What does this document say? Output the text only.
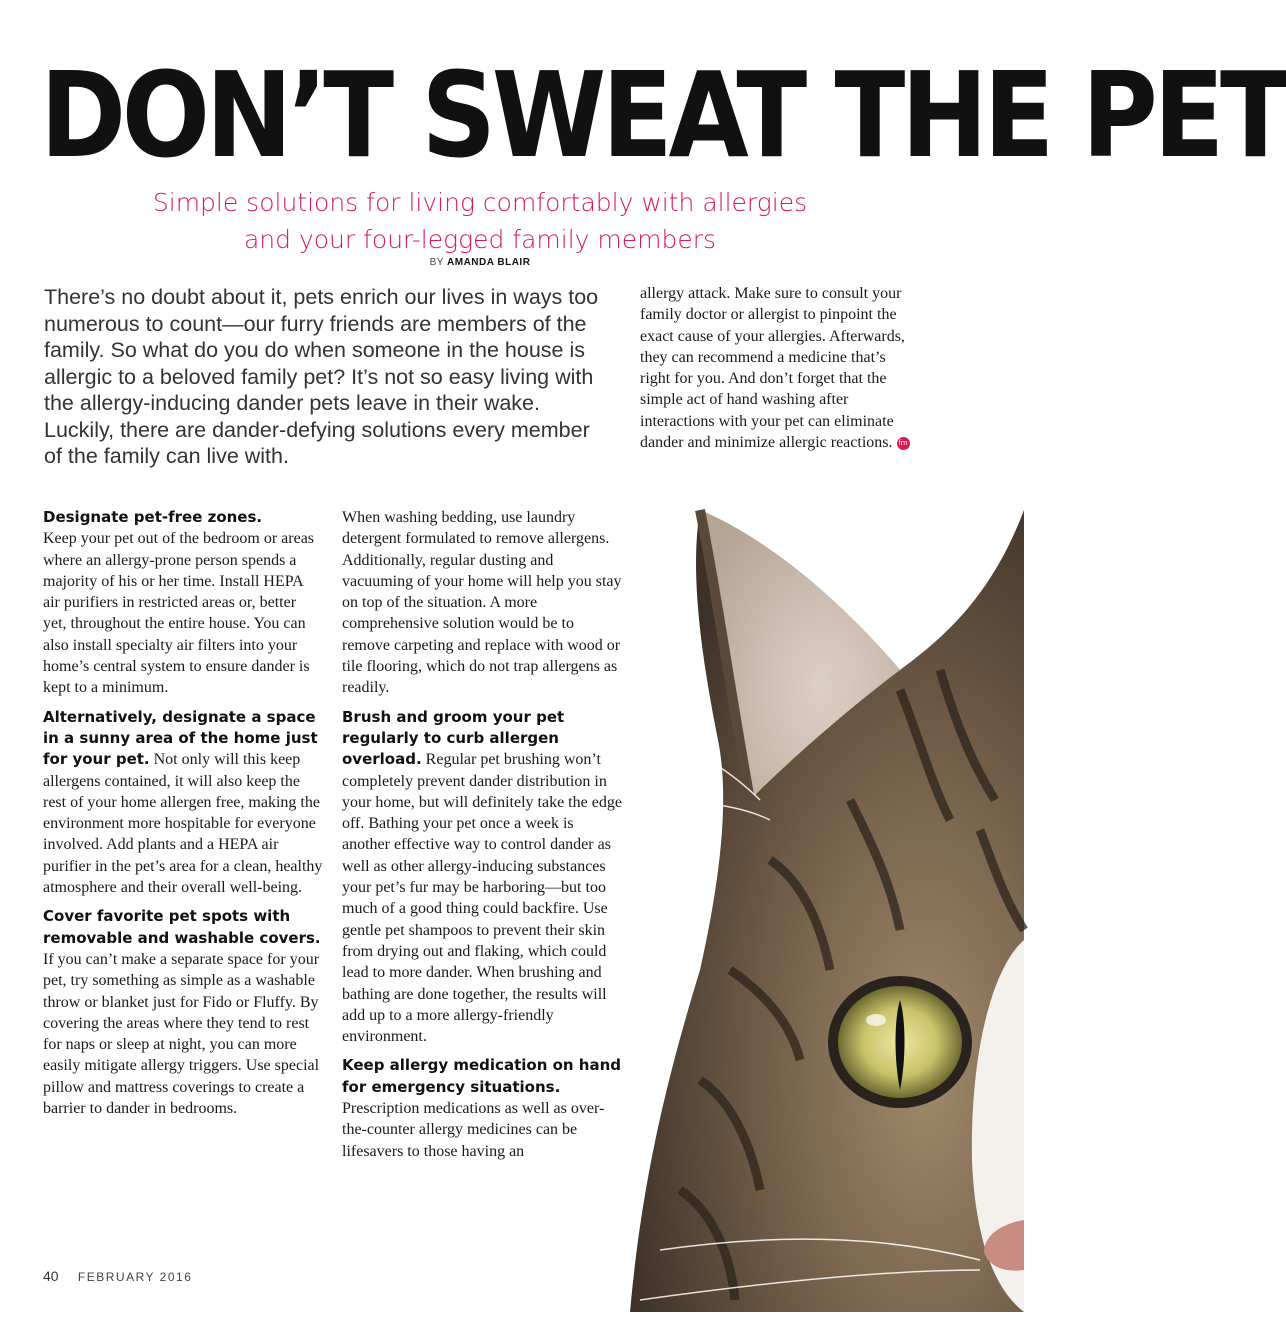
DON’T SWEAT THE PET
Simple solutions for living comfortably with allergies
and your four-legged family members
BY AMANDA BLAIR
There’s no doubt about it, pets enrich our lives in ways too numerous to count—our furry friends are members of the family. So what do you do when someone in the house is allergic to a beloved family pet? It’s not so easy living with the allergy-inducing dander pets leave in their wake. Luckily, there are dander-defying solutions every member of the family can live with.

Designate pet-free zones.
Keep your pet out of the bedroom or areas where an allergy-prone person spends a majority of his or her time. Install HEPA air purifiers in restricted areas or, better yet, throughout the entire house. You can also install specialty air filters into your home’s central system to ensure dander is kept to a minimum.

Alternatively, designate a space in a sunny area of the home just for your pet. Not only will this keep allergens contained, it will also keep the rest of your home allergen free, making the environment more hospitable for everyone involved. Add plants and a HEPA air purifier in the pet’s area for a clean, healthy atmosphere and their overall well-being.

Cover favorite pet spots with removable and washable covers. If you can’t make a separate space for your pet, try something as simple as a washable throw or blanket just for Fido or Fluffy. By covering the areas where they tend to rest for naps or sleep at night, you can more easily mitigate allergy triggers. Use special pillow and mattress coverings to create a barrier to dander in bedrooms.

When washing bedding, use laundry detergent formulated to remove allergens. Additionally, regular dusting and vacuuming of your home will help you stay on top of the situation. A more comprehensive solution would be to remove carpeting and replace with wood or tile flooring, which do not trap allergens as readily.

Brush and groom your pet regularly to curb allergen overload. Regular pet brushing won’t completely prevent dander distribution in your home, but will definitely take the edge off. Bathing your pet once a week is another effective way to control dander as well as other allergy-inducing substances your pet’s fur may be harboring—but too much of a good thing could backfire. Use gentle pet shampoos to prevent their skin from drying out and flaking, which could lead to more dander. When brushing and bathing are done together, the results will add up to a more allergy-friendly environment.

Keep allergy medication on hand for emergency situations.
Prescription medications as well as over-the-counter allergy medicines can be lifesavers to those having an

allergy attack. Make sure to consult your family doctor or allergist to pinpoint the exact cause of your allergies. Afterwards, they can recommend a medicine that’s right for you. And don’t forget that the simple act of hand washing after interactions with your pet can eliminate dander and minimize allergic reactions. fm

40 FEBRUARY 2016
